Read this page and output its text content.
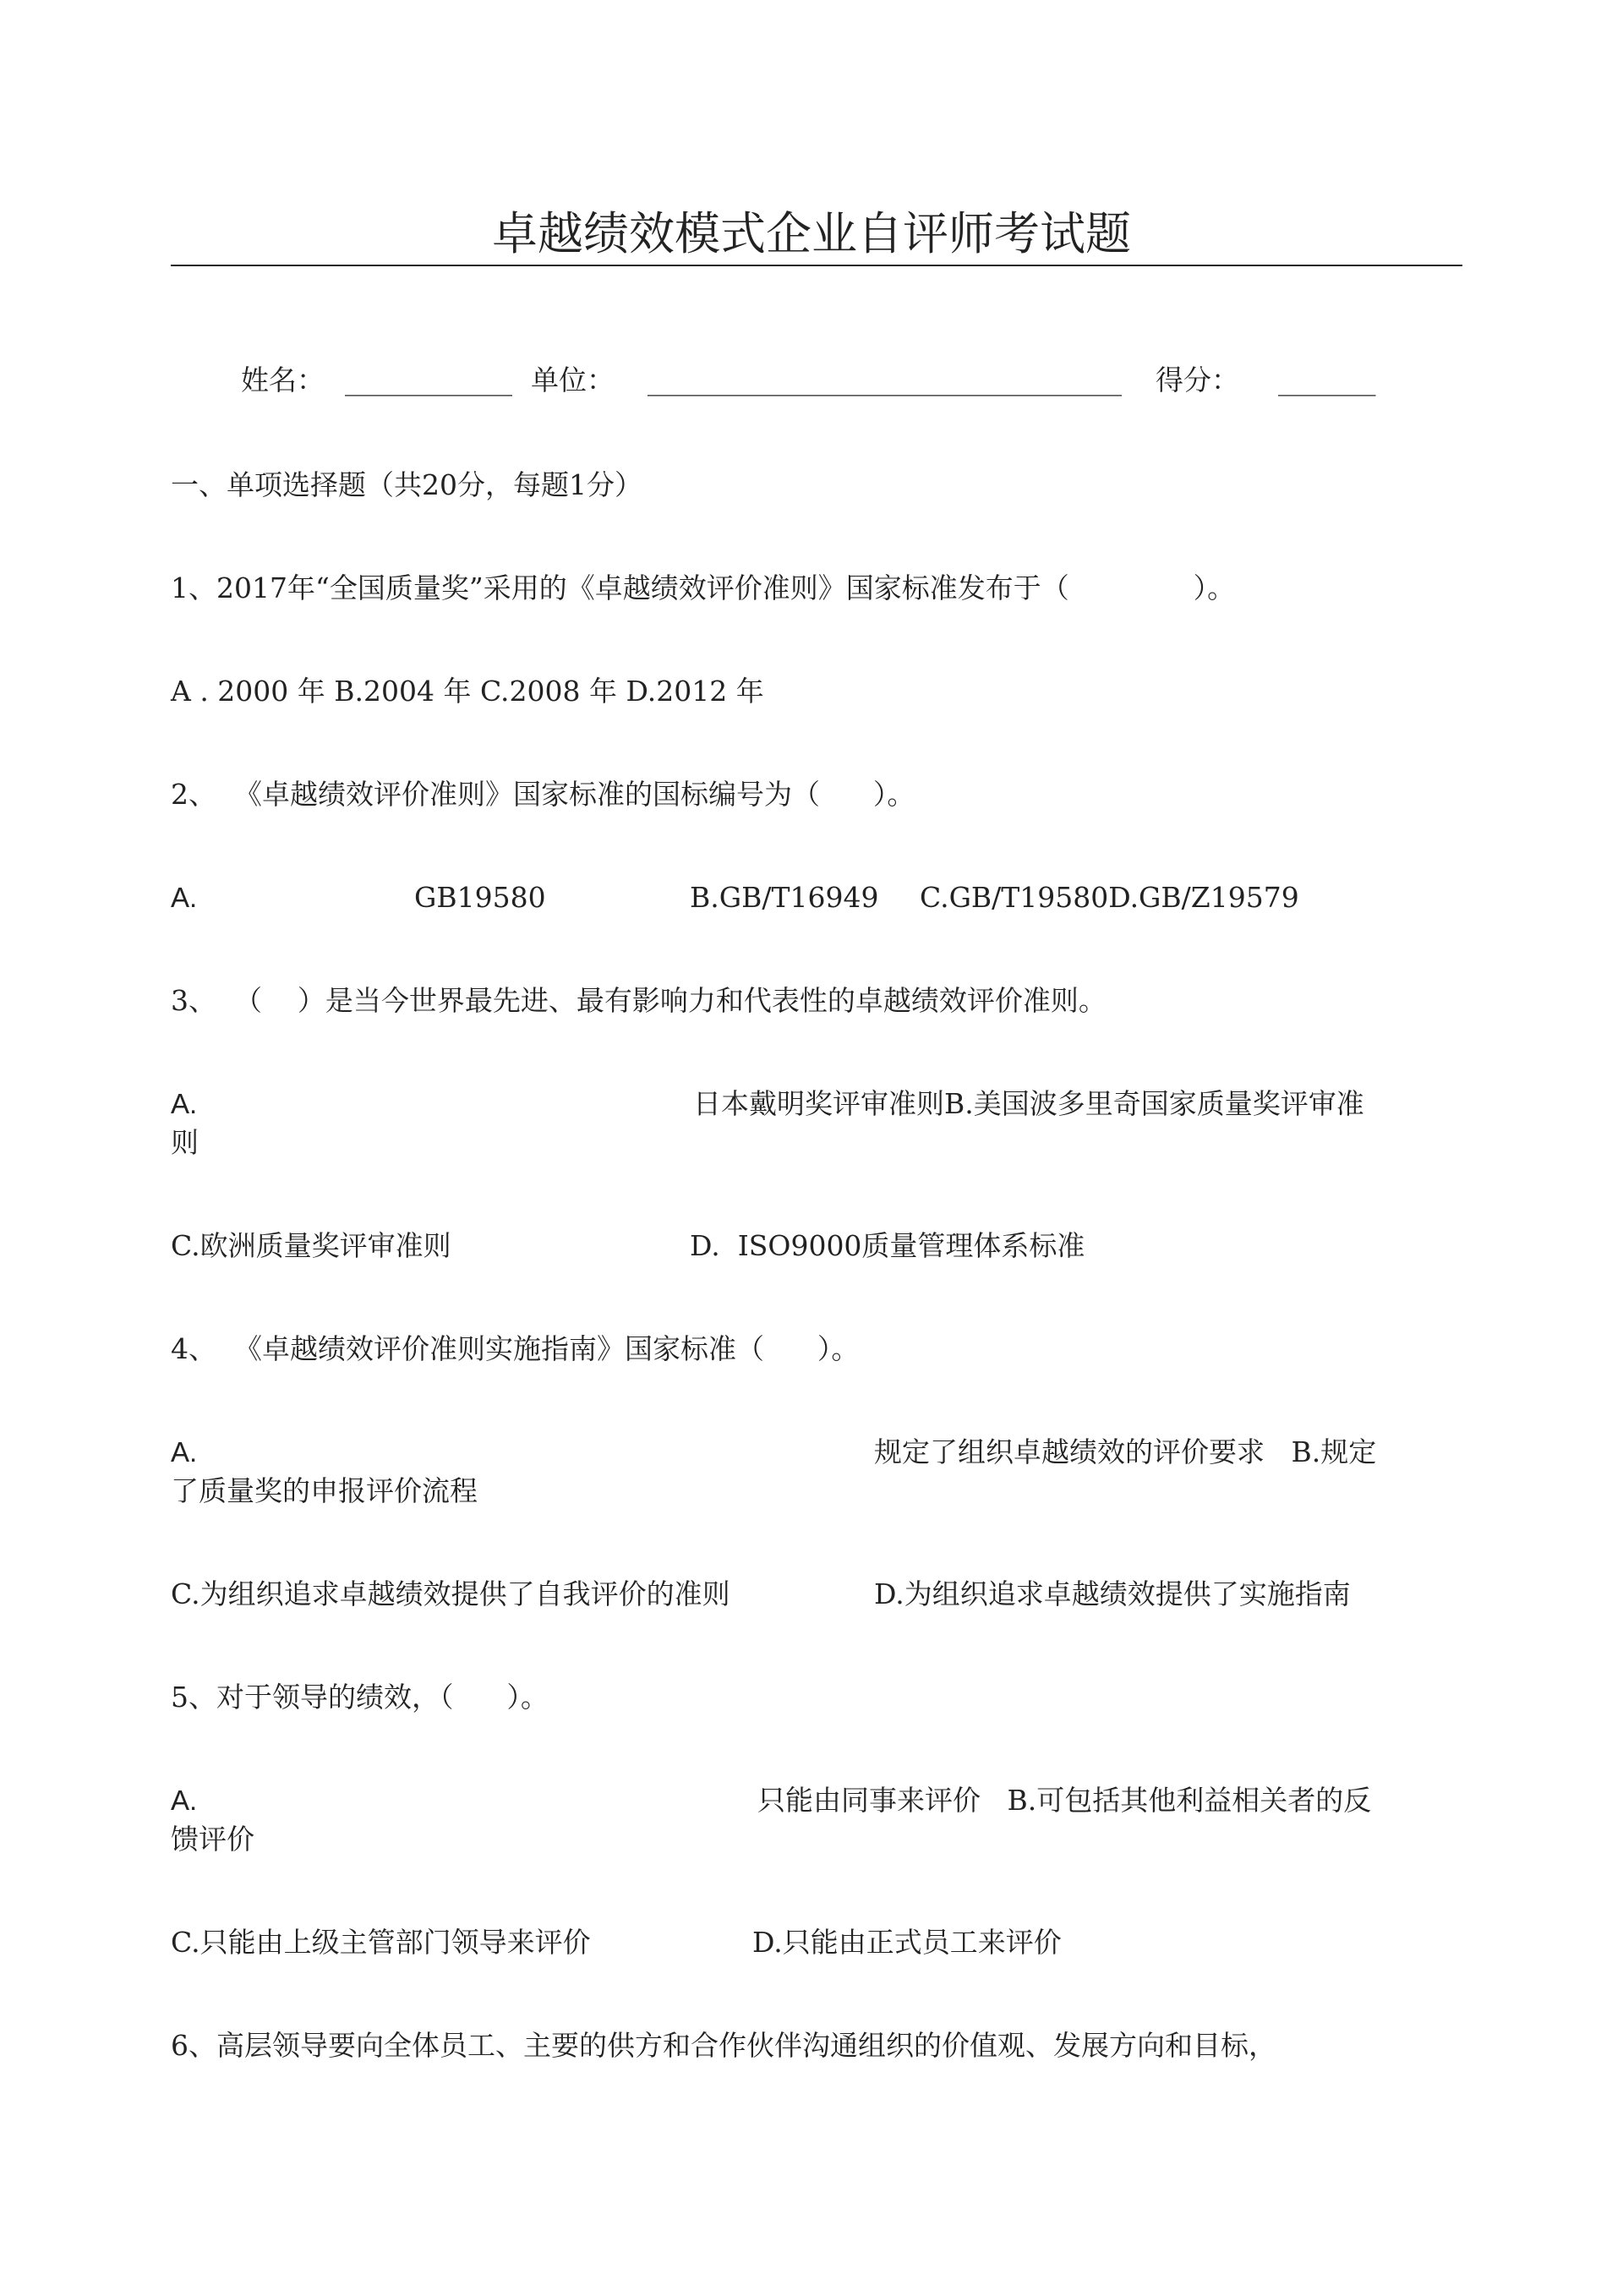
卓越绩效模式企业自评师考试题
姓名： ____________ 单位： __________________________________ 得分： _______
一、单项选择题（共20分，每题1分）
1、2017年“全国质量奖”采用的《卓越绩效评价准则》国家标准发布于（              ）。
A . 2000 年 B.2004 年 C.2008 年 D.2012 年
2、  《卓越绩效评价准则》国家标准的国标编号为（      ）。
A.	GB19580	B.GB/T16949 C.GB/T19580D.GB/Z19579
3、  （    ）是当今世界最先进、最有影响力和代表性的卓越绩效评价准则。
A.	日本戴明奖评审准则B.美国波多里奇国家质量奖评审准
则
C.欧洲质量奖评审准则	D.  ISO9000质量管理体系标准
4、  《卓越绩效评价准则实施指南》国家标准（      ）。
A.	规定了组织卓越绩效的评价要求   B.规定
了质量奖的申报评价流程
C.为组织追求卓越绩效提供了自我评价的准则	D.为组织追求卓越绩效提供了实施指南
5、对于领导的绩效，（      ）。
A.	只能由同事来评价   B.可包括其他利益相关者的反
馈评价
C.只能由上级主管部门领导来评价	D.只能由正式员工来评价
6、高层领导要向全体员工、主要的供方和合作伙伴沟通组织的价值观、发展方向和目标，
